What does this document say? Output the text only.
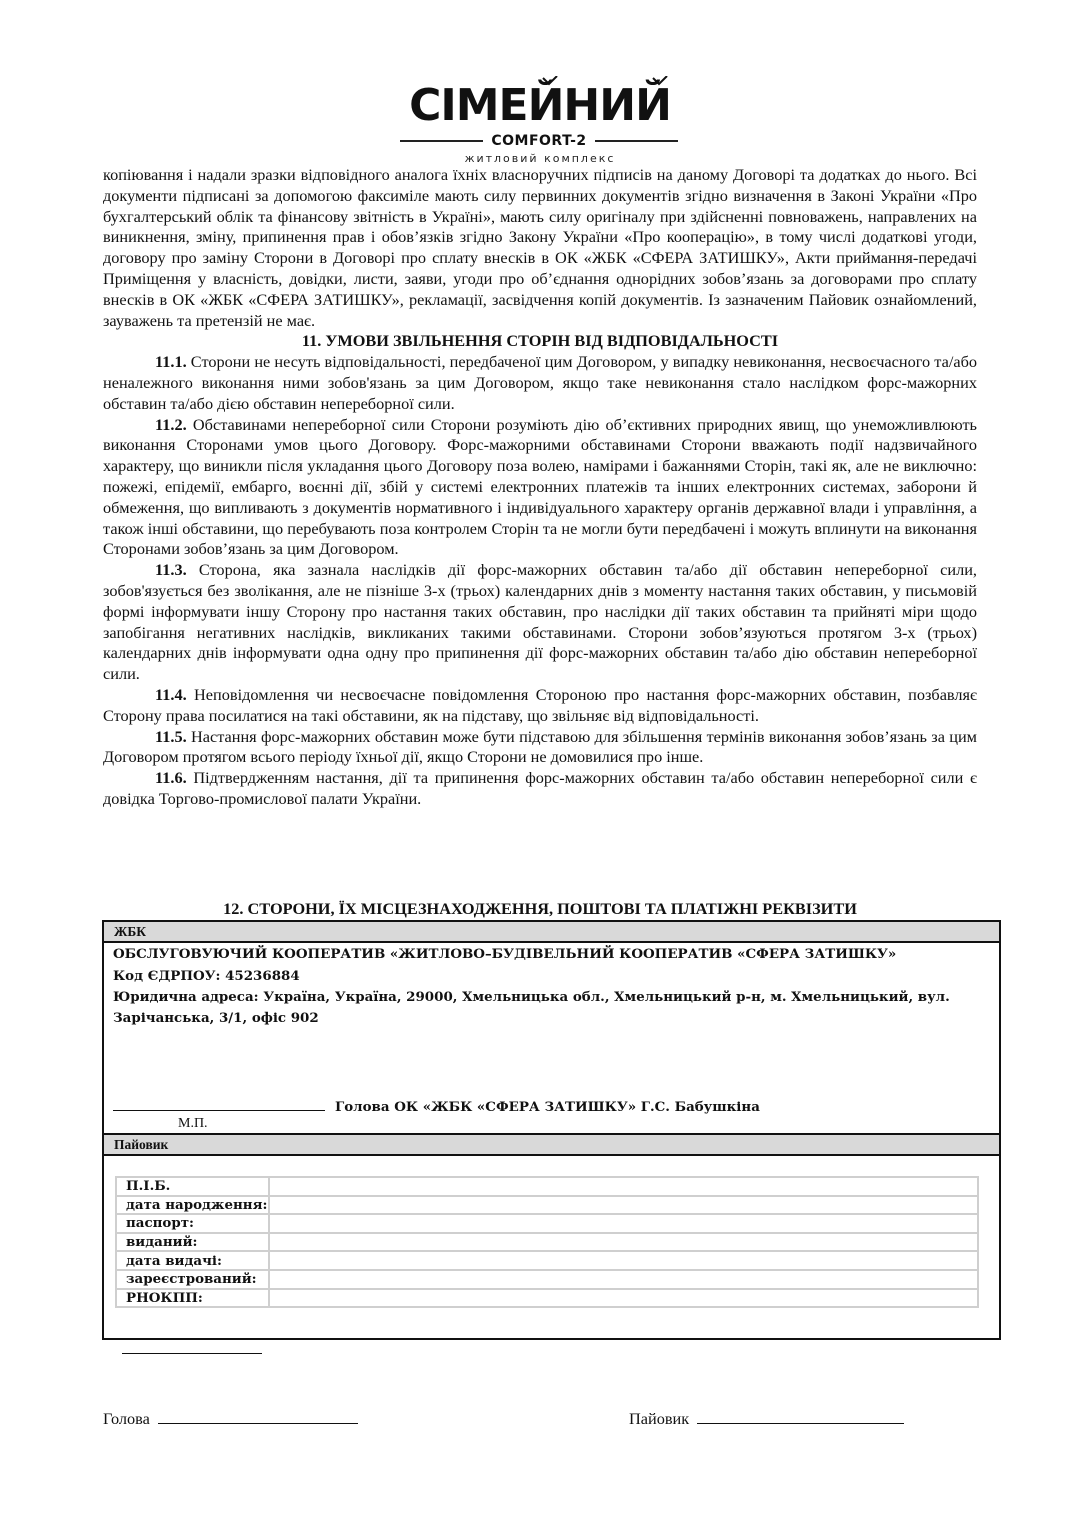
СІМЕЙНИЙ
COMFORT-2
житловий комплекс

копіювання і надали зразки відповідного аналога їхніх власноручних підписів на даному Договорі та додатках до нього. Всі документи підписані за допомогою факсиміле мають силу первинних документів згідно визначення в Законі України «Про бухгалтерський облік та фінансову звітність в Україні», мають силу оригіналу при здійсненні повноважень, направлених на виникнення, зміну, припинення прав і обов’язків згідно Закону України «Про кооперацію», в тому числі додаткові угоди, договору про заміну Сторони в Договорі про сплату внесків в ОК «ЖБК «СФЕРА ЗАТИШКУ», Акти приймання-передачі Приміщення у власність, довідки, листи, заяви, угоди про об’єднання однорідних зобов’язань за договорами про сплату внесків в ОК «ЖБК «СФЕРА ЗАТИШКУ», рекламації, засвідчення копій документів. Із зазначеним Пайовик ознайомлений, зауважень та претензій не має.

11. УМОВИ ЗВІЛЬНЕННЯ СТОРІН ВІД ВІДПОВІДАЛЬНОСТІ

11.1. Сторони не несуть відповідальності, передбаченої цим Договором, у випадку невиконання, несвоєчасного та/або неналежного виконання ними зобов'язань за цим Договором, якщо таке невиконання стало наслідком форс-мажорних обставин та/або дією обставин непереборної сили.

11.2. Обставинами непереборної сили Сторони розуміють дію об’єктивних природних явищ, що унеможливлюють виконання Сторонами умов цього Договору. Форс-мажорними обставинами Сторони вважають події надзвичайного характеру, що виникли після укладання цього Договору поза волею, намірами і бажаннями Сторін, такі як, але не виключно: пожежі, епідемії, ембарго, воєнні дії, збій у системі електронних платежів та інших електронних системах, заборони й обмеження, що випливають з документів нормативного і індивідуального характеру органів державної влади і управління, а також інші обставини, що перебувають поза контролем Сторін та не могли бути передбачені і можуть вплинути на виконання Сторонами зобов’язань за цим Договором.

11.3. Сторона, яка зазнала наслідків дії форс-мажорних обставин та/або дії обставин непереборної сили, зобов'язується без зволікання, але не пізніше 3-х (трьох) календарних днів з моменту настання таких обставин, у письмовій формі інформувати іншу Сторону про настання таких обставин, про наслідки дії таких обставин та прийняті міри щодо запобігання негативних наслідків, викликаних такими обставинами. Сторони зобов’язуються протягом 3-х (трьох) календарних днів інформувати одна одну про припинення дії форс-мажорних обставин та/або дію обставин непереборної сили.

11.4. Неповідомлення чи несвоєчасне повідомлення Стороною про настання форс-мажорних обставин, позбавляє Сторону права посилатися на такі обставини, як на підставу, що звільняє від відповідальності.

11.5. Настання форс-мажорних обставин може бути підставою для збільшення термінів виконання зобов’язань за цим Договором протягом всього періоду їхньої дії, якщо Сторони не домовилися про інше.

11.6. Підтвердженням настання, дії та припинення форс-мажорних обставин та/або обставин непереборної сили є довідка Торгово-промислової палати України.

12. СТОРОНИ, ЇХ МІСЦЕЗНАХОДЖЕННЯ, ПОШТОВІ ТА ПЛАТІЖНІ РЕКВІЗИТИ
ЖБК
ОБСЛУГОВУЮЧИЙ КООПЕРАТИВ «ЖИТЛОВО–БУДІВЕЛЬНИЙ КООПЕРАТИВ «СФЕРА ЗАТИШКУ»
Код ЄДРПОУ: 45236884
Юридична адреса: Україна, Україна, 29000, Хмельницька обл., Хмельницький р-н, м. Хмельницький, вул. Зарічанська, 3/1, офіс 902
Голова ОК «ЖБК «СФЕРА ЗАТИШКУ» Г.С. Бабушкіна
М.П.
Пайовик
П.І.Б.	
дата народження:	
паспорт:	
виданий:	
дата видачі:	
зареєстрований:	
РНОКПП:	
Голова	Пайовик
